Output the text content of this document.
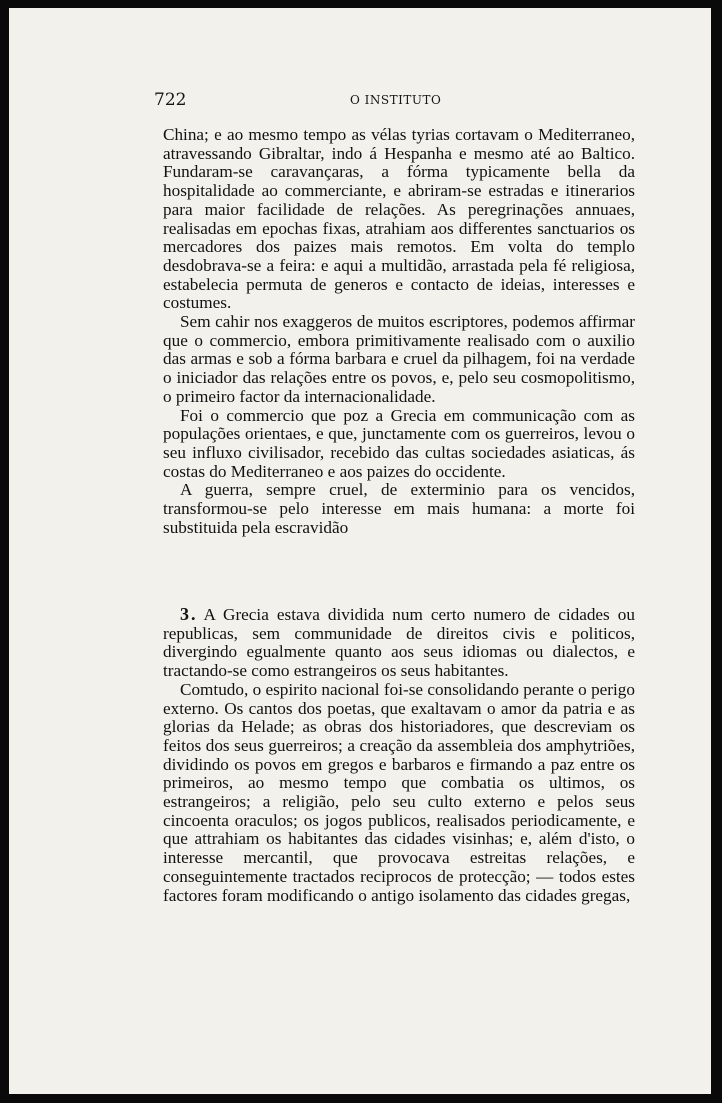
722	O INSTITUTO

China; e ao mesmo tempo as vélas tyrias cortavam o Mediterraneo, atravessando Gibraltar, indo á Hespanha e mesmo até ao Baltico. Fundaram-se caravançaras, a fórma typicamente bella da hospitalidade ao commerciante, e abriram-se estradas e itinerarios para maior facilidade de relações. As peregrinações annuaes, realisadas em epochas fixas, atrahiam aos differentes sanctuarios os mercadores dos paizes mais remotos. Em volta do templo desdobrava-se a feira: e aqui a multidão, arrastada pela fé religiosa, estabelecia permuta de generos e contacto de ideias, interesses e costumes.

Sem cahir nos exaggeros de muitos escriptores, podemos affirmar que o commercio, embora primitivamente realisado com o auxilio das armas e sob a fórma barbara e cruel da pilhagem, foi na verdade o iniciador das relações entre os povos, e, pelo seu cosmopolitismo, o primeiro factor da internacionalidade.

Foi o commercio que poz a Grecia em communicação com as populações orientaes, e que, junctamente com os guerreiros, levou o seu influxo civilisador, recebido das cultas sociedades asiaticas, ás costas do Mediterraneo e aos paizes do occidente.

A guerra, sempre cruel, de exterminio para os vencidos, transformou-se pelo interesse em mais humana: a morte foi substituida pela escravidão

3. A Grecia estava dividida num certo numero de cidades ou republicas, sem communidade de direitos civis e politicos, divergindo egualmente quanto aos seus idiomas ou dialectos, e tractando-se como estrangeiros os seus habitantes.

Comtudo, o espirito nacional foi-se consolidando perante o perigo externo. Os cantos dos poetas, que exaltavam o amor da patria e as glorias da Helade; as obras dos historiadores, que descreviam os feitos dos seus guerreiros; a creação da assembleia dos amphytriões, dividindo os povos em gregos e barbaros e firmando a paz entre os primeiros, ao mesmo tempo que combatia os ultimos, os estrangeiros; a religião, pelo seu culto externo e pelos seus cincoenta oraculos; os jogos publicos, realisados periodicamente, e que attrahiam os habitantes das cidades visinhas; e, além d'isto, o interesse mercantil, que provocava estreitas relações, e conseguintemente tractados reciprocos de protecção; — todos estes factores foram modificando o antigo isolamento das cidades gregas,
